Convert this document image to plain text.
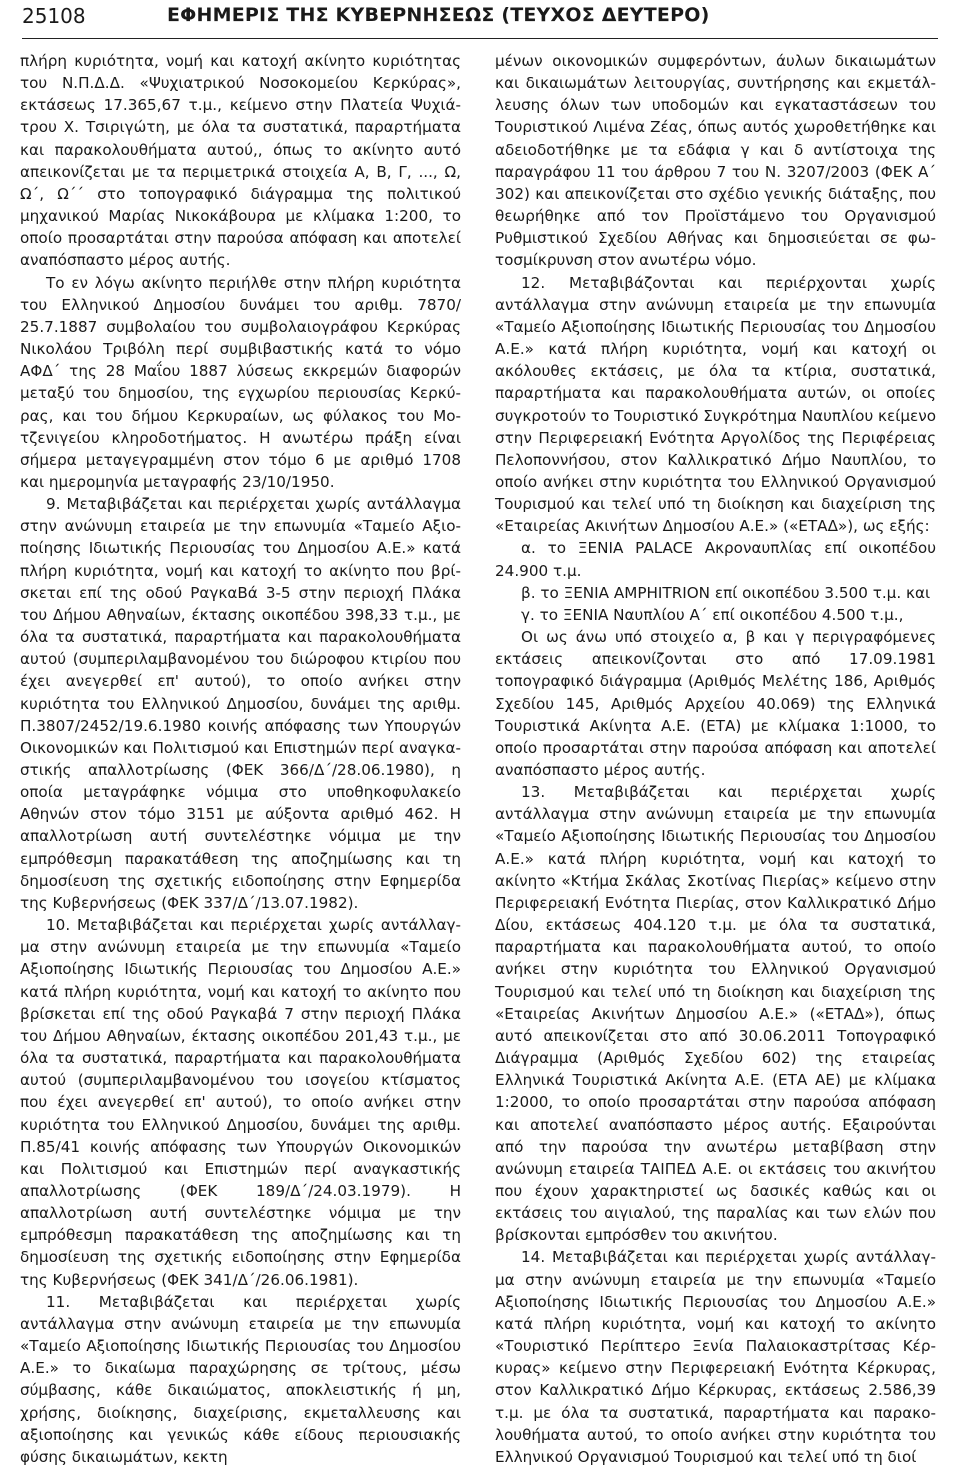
25108	ΕΦΗΜΕΡΙΣ ΤΗΣ ΚΥΒΕΡΝΗΣΕΩΣ (ΤΕΥΧΟΣ ΔΕΥΤΕΡΟ)

πλήρη κυριότητα, νομή και κατοχή ακίνητο κυριότητας του Ν.Π.Δ.Δ. «Ψυχιατρικού Νοσοκομείου Κερκύρας», εκτάσεως 17.365,67 τ.μ., κείμενο στην Πλατεία Ψυχιάτρου Χ. Τσιριγώτη, με όλα τα συστατικά, παραρτήματα και παρακολουθήματα αυτού,, όπως το ακίνητο αυτό απεικονίζεται με τα περιμετρικά στοιχεία Α, Β, Γ, ..., Ω, Ω΄, Ω΄΄ στο τοπογραφικό διάγραμμα της πολιτικού μηχανικού Μαρίας Νικοκάβουρα με κλίμακα 1:200, το οποίο προσαρτάται στην παρούσα απόφαση και αποτελεί αναπόσπαστο μέρος αυτής.

Το εν λόγω ακίνητο περιήλθε στην πλήρη κυριότητα του Ελληνικού Δημοσίου δυνάμει του αριθμ. 7870/ 25.7.1887 συμβολαίου του συμβολαιογράφου Κερκύρας Νικολάου Τριβόλη περί συμβιβαστικής κατά το νόμο ΑΦΔ΄ της 28 Μαΐου 1887 λύσεως εκκρεμών διαφορών μεταξύ του δημοσίου, της εγχωρίου περιουσίας Κερκύρας, και του δήμου Κερκυραίων, ως φύλακος του Μοτζενιγείου κληροδοτήματος. Η ανωτέρω πράξη είναι σήμερα μεταγεγραμμένη στον τόμο 6 με αριθμό 1708 και ημερομηνία μεταγραφής 23/10/1950.

9. Μεταβιβάζεται και περιέρχεται χωρίς αντάλλαγμα στην ανώνυμη εταιρεία με την επωνυμία «Ταμείο Αξιοποίησης Ιδιωτικής Περιουσίας του Δημοσίου Α.Ε.» κατά πλήρη κυριότητα, νομή και κατοχή το ακίνητο που βρίσκεται επί της οδού ΡαγκαΒά 3-5 στην περιοχή Πλάκα του Δήμου Αθηναίων, έκτασης οικοπέδου 398,33 τ.μ., με όλα τα συστατικά, παραρτήματα και παρακολουθήματα αυτού (συμπεριλαμβανομένου του διώροφου κτιρίου που έχει ανεγερθεί επ' αυτού), το οποίο ανήκει στην κυριότητα του Ελληνικού Δημοσίου, δυνάμει της αριθμ. Π.3807/2452/19.6.1980 κοινής απόφασης των Υπουργών Οικονομικών και Πολιτισμού και Επιστημών περί αναγκαστικής απαλλοτρίωσης (ΦΕΚ 366/Δ΄/28.06.1980), η οποία μεταγράφηκε νόμιμα στο υποθηκοφυλακείο Αθηνών στον τόμο 3151 με αύξοντα αριθμό 462. Η απαλλοτρίωση αυτή συντελέστηκε νόμιμα με την εμπρόθεσμη παρακατάθεση της αποζημίωσης και τη δημοσίευση της σχετικής ειδοποίησης στην Εφημερίδα της Κυβερνήσεως (ΦΕΚ 337/Δ΄/13.07.1982).

10. Μεταβιβάζεται και περιέρχεται χωρίς αντάλλαγμα στην ανώνυμη εταιρεία με την επωνυμία «Ταμείο Αξιοποίησης Ιδιωτικής Περιουσίας του Δημοσίου Α.Ε.» κατά πλήρη κυριότητα, νομή και κατοχή το ακίνητο που βρίσκεται επί της οδού Ραγκαβά 7 στην περιοχή Πλάκα του Δήμου Αθηναίων, έκτασης οικοπέδου 201,43 τ.μ., με όλα τα συστατικά, παραρτήματα και παρακολουθήματα αυτού (συμπεριλαμβανομένου του ισογείου κτίσματος που έχει ανεγερθεί επ' αυτού), το οποίο ανήκει στην κυριότητα του Ελληνικού Δημοσίου, δυνάμει της αριθμ. Π.85/41 κοινής απόφασης των Υπουργών Οικονομικών και Πολιτισμού και Επιστημών περί αναγκαστικής απαλλοτρίωσης (ΦΕΚ 189/Δ΄/24.03.1979). Η απαλλοτρίωση αυτή συντελέστηκε νόμιμα με την εμπρόθεσμη παρακατάθεση της αποζημίωσης και τη δημοσίευση της σχετικής ειδοποίησης στην Εφημερίδα της Κυβερνήσεως (ΦΕΚ 341/Δ΄/26.06.1981).

11. Μεταβιβάζεται και περιέρχεται χωρίς αντάλλαγμα στην ανώνυμη εταιρεία με την επωνυμία «Ταμείο Αξιοποίησης Ιδιωτικής Περιουσίας του Δημοσίου Α.Ε.» το δικαίωμα παραχώρησης σε τρίτους, μέσω σύμβασης, κάθε δικαιώματος, αποκλειστικής ή μη, χρήσης, διοίκησης, διαχείρισης, εκμεταλλευσης και αξιοποίησης και γενικώς κάθε είδους περιουσιακής φύσης δικαιωμάτων, κεκτη

μένων οικονομικών συμφερόντων, άυλων δικαιωμάτων και δικαιωμάτων λειτουργίας, συντήρησης και εκμετάλλευσης όλων των υποδομών και εγκαταστάσεων του Τουριστικού Λιμένα Ζέας, όπως αυτός χωροθετήθηκε και αδειοδοτήθηκε με τα εδάφια γ και δ αντίστοιχα της παραγράφου 11 του άρθρου 7 του Ν. 3207/2003 (ΦΕΚ Α΄ 302) και απεικονίζεται στο σχέδιο γενικής διάταξης, που θεωρήθηκε από τον Προϊστάμενο του Οργανισμού Ρυθμιστικού Σχεδίου Αθήνας και δημοσιεύεται σε φωτοσμίκρυνση στον ανωτέρω νόμο.

12. Μεταβιβάζονται και περιέρχονται χωρίς αντάλλαγμα στην ανώνυμη εταιρεία με την επωνυμία «Ταμείο Αξιοποίησης Ιδιωτικής Περιουσίας του Δημοσίου Α.Ε.» κατά πλήρη κυριότητα, νομή και κατοχή οι ακόλουθες εκτάσεις, με όλα τα κτίρια, συστατικά, παραρτήματα και παρακολουθήματα αυτών, οι οποίες συγκροτούν το Τουριστικό Συγκρότημα Ναυπλίου κείμενο στην Περιφερειακή Ενότητα Αργολίδος της Περιφέρειας Πελοποννήσου, στον Καλλικρατικό Δήμο Ναυπλίου, το οποίο ανήκει στην κυριότητα του Ελληνικού Οργανισμού Τουρισμού και τελεί υπό τη διοίκηση και διαχείριση της «Εταιρείας Ακινήτων Δημοσίου Α.Ε.» («ΕΤΑΔ»), ως εξής:

α. το ΞΕΝΙΑ PALACE Ακροναυπλίας επί οικοπέδου 24.900 τ.μ.

β. το ΞΕΝΙΑ AMPHITRION επί οικοπέδου 3.500 τ.μ. και

γ. το ΞΕΝΙΑ Ναυπλίου Α΄ επί οικοπέδου 4.500 τ.μ.,

Οι ως άνω υπό στοιχείο α, β και γ περιγραφόμενες εκτάσεις απεικονίζονται στο από 17.09.1981 τοπογραφικό διάγραμμα (Αριθμός Μελέτης 186, Αριθμός Σχεδίου 145, Αριθμός Αρχείου 40.069) της Ελληνικά Τουριστικά Ακίνητα Α.Ε. (ΕΤΑ) με κλίμακα 1:1000, το οποίο προσαρτάται στην παρούσα απόφαση και αποτελεί αναπόσπαστο μέρος αυτής.

13. Μεταβιβάζεται και περιέρχεται χωρίς αντάλλαγμα στην ανώνυμη εταιρεία με την επωνυμία «Ταμείο Αξιοποίησης Ιδιωτικής Περιουσίας του Δημοσίου Α.Ε.» κατά πλήρη κυριότητα, νομή και κατοχή το ακίνητο «Κτήμα Σκάλας Σκοτίνας Πιερίας» κείμενο στην Περιφερειακή Ενότητα Πιερίας, στον Καλλικρατικό Δήμο Δίου, εκτάσεως 404.120 τ.μ. με όλα τα συστατικά, παραρτήματα και παρακολουθήματα αυτού, το οποίο ανήκει στην κυριότητα του Ελληνικού Οργανισμού Τουρισμού και τελεί υπό τη διοίκηση και διαχείριση της «Εταιρείας Ακινήτων Δημοσίου Α.Ε.» («ΕΤΑΔ»), όπως αυτό απεικονίζεται στο από 30.06.2011 Τοπογραφικό Διάγραμμα (Αριθμός Σχεδίου 602) της εταιρείας Ελληνικά Τουριστικά Ακίνητα Α.Ε. (ΕΤΑ ΑΕ) με κλίμακα 1:2000, το οποίο προσαρτάται στην παρούσα απόφαση και αποτελεί αναπόσπαστο μέρος αυτής. Εξαιρούνται από την παρούσα την ανωτέρω μεταβίβαση στην ανώνυμη εταιρεία ΤΑΙΠΕΔ Α.Ε. οι εκτάσεις του ακινήτου που έχουν χαρακτηριστεί ως δασικές καθώς και οι εκτάσεις του αιγιαλού, της παραλίας και των ελών που βρίσκονται εμπρόσθεν του ακινήτου.

14. Μεταβιβάζεται και περιέρχεται χωρίς αντάλλαγμα στην ανώνυμη εταιρεία με την επωνυμία «Ταμείο Αξιοποίησης Ιδιωτικής Περιουσίας του Δημοσίου Α.Ε.» κατά πλήρη κυριότητα, νομή και κατοχή το ακίνητο «Τουριστικό Περίπτερο Ξενία Παλαιοκαστρίτσας Κέρκυρας» κείμενο στην Περιφερειακή Ενότητα Κέρκυρας, στον Καλλικρατικό Δήμο Κέρκυρας, εκτάσεως 2.586,39 τ.μ. με όλα τα συστατικά, παραρτήματα και παρακολουθήματα αυτού, το οποίο ανήκει στην κυριότητα του Ελληνικού Οργανισμού Τουρισμού και τελεί υπό τη διοί
